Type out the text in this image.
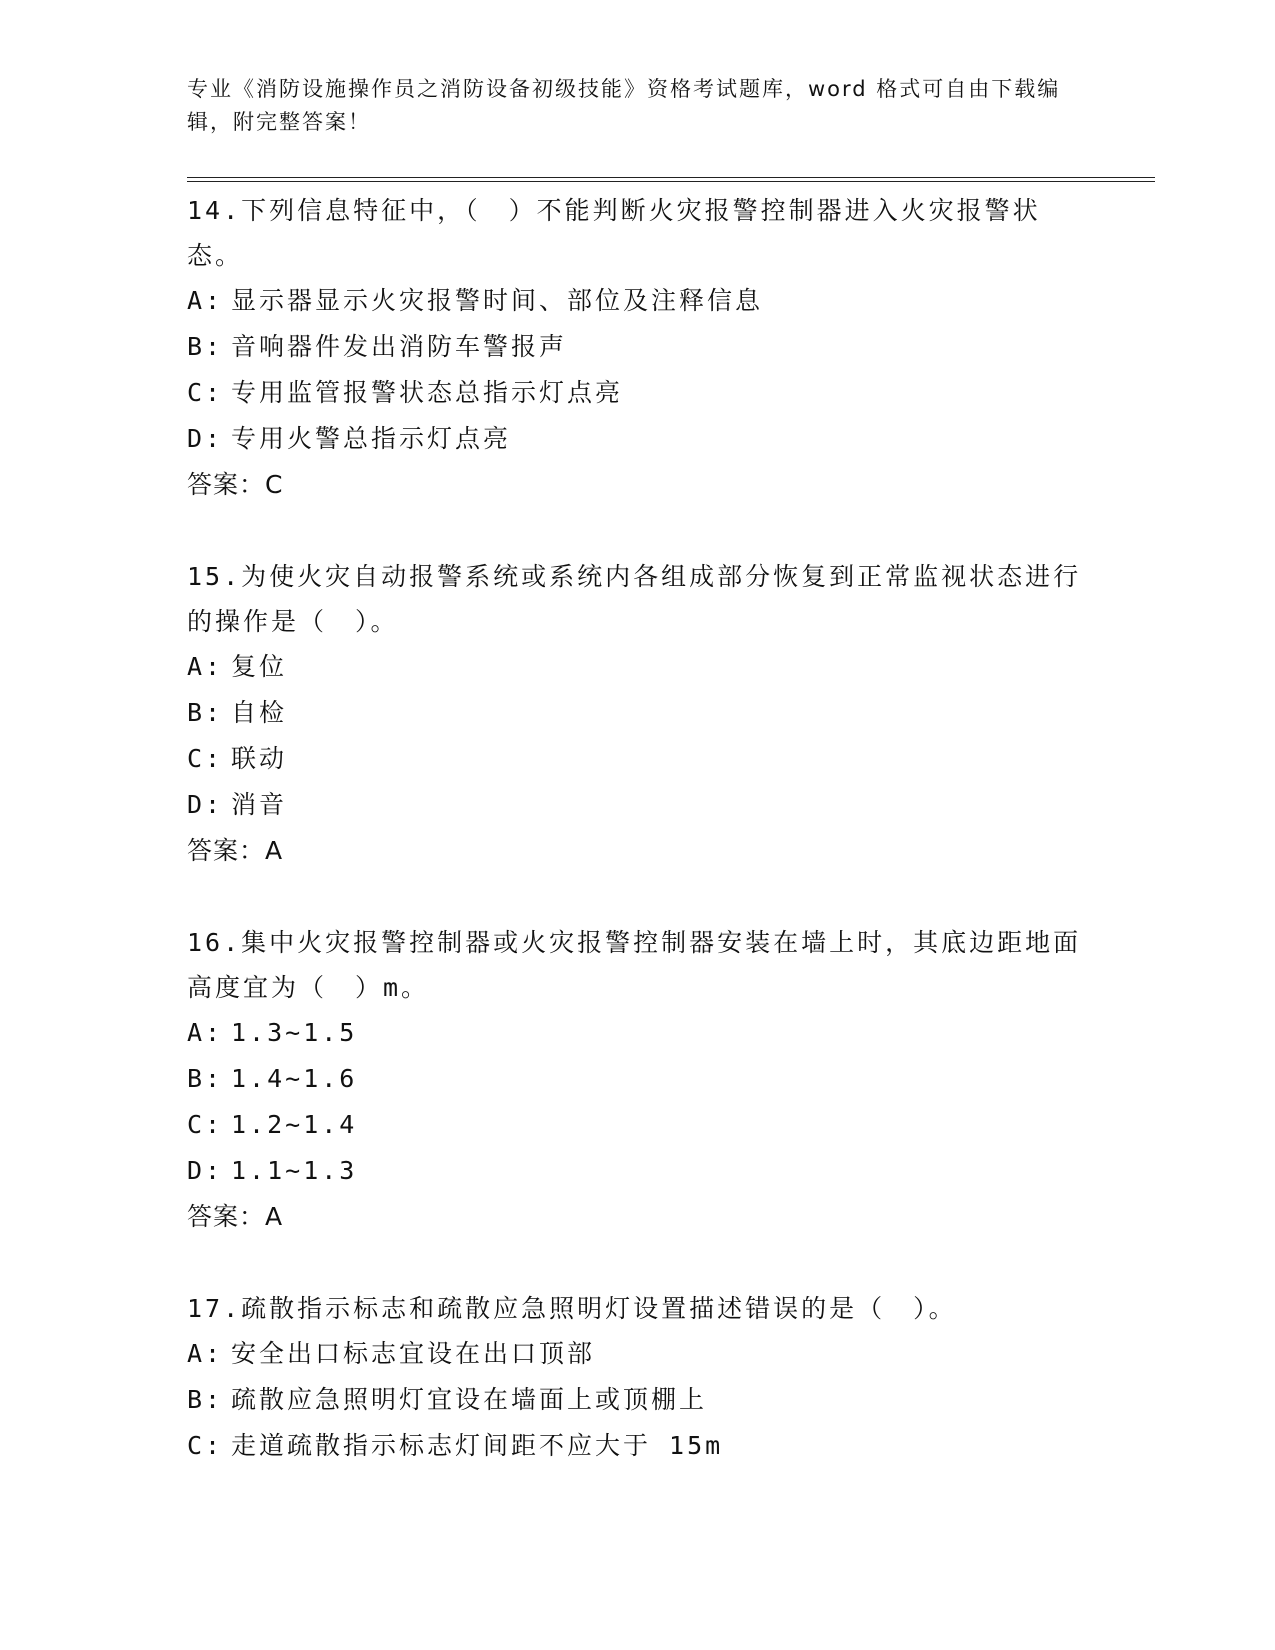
专业《消防设施操作员之消防设备初级技能》资格考试题库，word 格式可自由下载编辑，附完整答案！
14.下列信息特征中，（　）不能判断火灾报警控制器进入火灾报警状态。
A: 显示器显示火灾报警时间、部位及注释信息
B: 音响器件发出消防车警报声
C: 专用监管报警状态总指示灯点亮
D: 专用火警总指示灯点亮
答案：C
15.为使火灾自动报警系统或系统内各组成部分恢复到正常监视状态进行的操作是（　）。
A: 复位
B: 自检
C: 联动
D: 消音
答案：A
16.集中火灾报警控制器或火灾报警控制器安装在墙上时，其底边距地面高度宜为（　）m。
A: 1.3~1.5
B: 1.4~1.6
C: 1.2~1.4
D: 1.1~1.3
答案：A
17.疏散指示标志和疏散应急照明灯设置描述错误的是（　）。
A: 安全出口标志宜设在出口顶部
B: 疏散应急照明灯宜设在墙面上或顶棚上
C: 走道疏散指示标志灯间距不应大于 15m
